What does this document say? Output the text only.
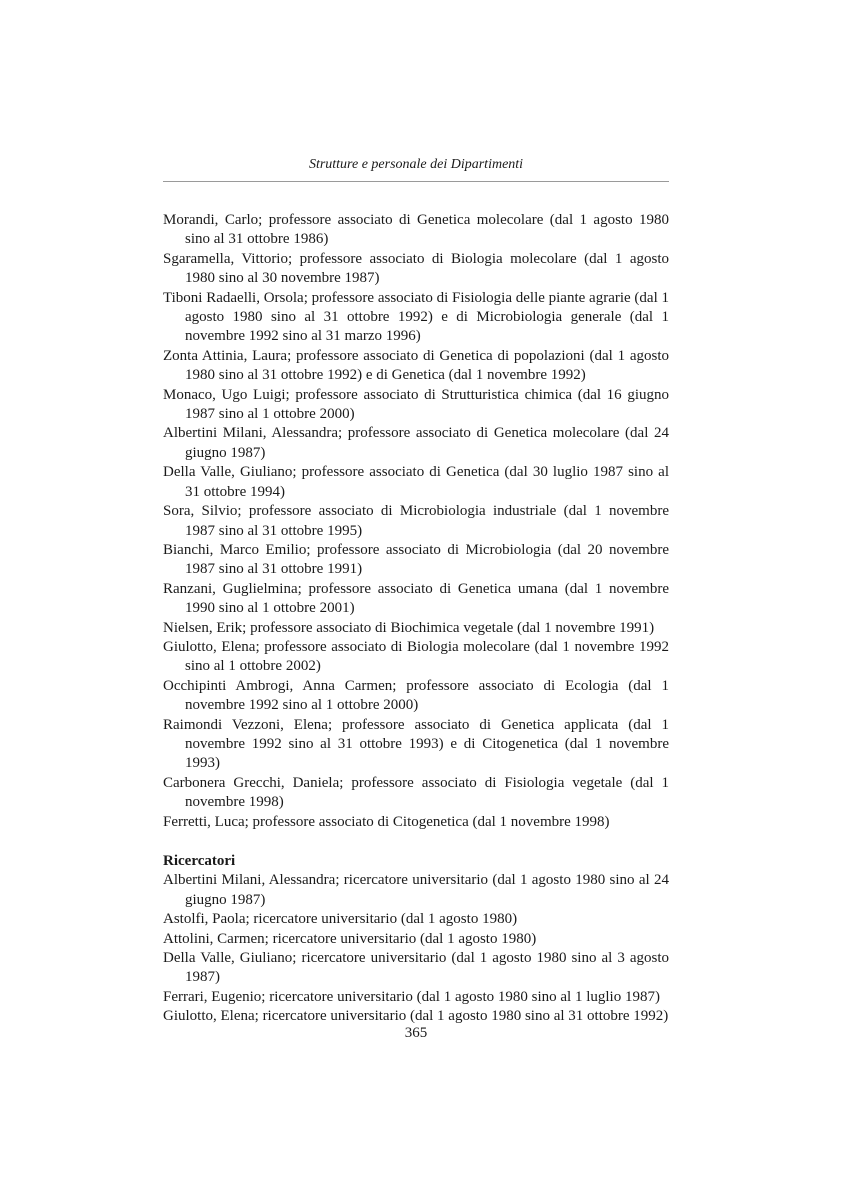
Strutture e personale dei Dipartimenti

Morandi, Carlo; professore associato di Genetica molecolare (dal 1 agosto 1980 sino al 31 ottobre 1986)

Sgaramella, Vittorio; professore associato di Biologia molecolare (dal 1 agosto 1980 sino al 30 novembre 1987)

Tiboni Radaelli, Orsola; professore associato di Fisiologia delle piante agrarie (dal 1 agosto 1980 sino al 31 ottobre 1992) e di Microbiologia generale (dal 1 novembre 1992 sino al 31 marzo 1996)

Zonta Attinia, Laura; professore associato di Genetica di popolazioni (dal 1 agosto 1980 sino al 31 ottobre 1992) e di Genetica (dal 1 novembre 1992)

Monaco, Ugo Luigi; professore associato di Strutturistica chimica (dal 16 giugno 1987 sino al 1 ottobre 2000)

Albertini Milani, Alessandra; professore associato di Genetica molecolare (dal 24 giugno 1987)

Della Valle, Giuliano; professore associato di Genetica (dal 30 luglio 1987 sino al 31 ottobre 1994)

Sora, Silvio; professore associato di Microbiologia industriale (dal 1 novembre 1987 sino al 31 ottobre 1995)

Bianchi, Marco Emilio; professore associato di Microbiologia (dal 20 novembre 1987 sino al 31 ottobre 1991)

Ranzani, Guglielmina; professore associato di Genetica umana (dal 1 novembre 1990 sino al 1 ottobre 2001)

Nielsen, Erik; professore associato di Biochimica vegetale (dal 1 novembre 1991)

Giulotto, Elena; professore associato di Biologia molecolare (dal 1 novembre 1992 sino al 1 ottobre 2002)

Occhipinti Ambrogi, Anna Carmen; professore associato di Ecologia (dal 1 novembre 1992 sino al 1 ottobre 2000)

Raimondi Vezzoni, Elena; professore associato di Genetica applicata (dal 1 novembre 1992 sino al 31 ottobre 1993) e di Citogenetica (dal 1 novembre 1993)

Carbonera Grecchi, Daniela; professore associato di Fisiologia vegetale (dal 1 novembre 1998)

Ferretti, Luca; professore associato di Citogenetica (dal 1 novembre 1998)

Ricercatori

Albertini Milani, Alessandra; ricercatore universitario (dal 1 agosto 1980 sino al 24 giugno 1987)

Astolfi, Paola; ricercatore universitario (dal 1 agosto 1980)

Attolini, Carmen; ricercatore universitario (dal 1 agosto 1980)

Della Valle, Giuliano; ricercatore universitario (dal 1 agosto 1980 sino al 3 agosto 1987)

Ferrari, Eugenio; ricercatore universitario (dal 1 agosto 1980 sino al 1 luglio 1987)

Giulotto, Elena; ricercatore universitario (dal 1 agosto 1980 sino al 31 ottobre 1992)

365
